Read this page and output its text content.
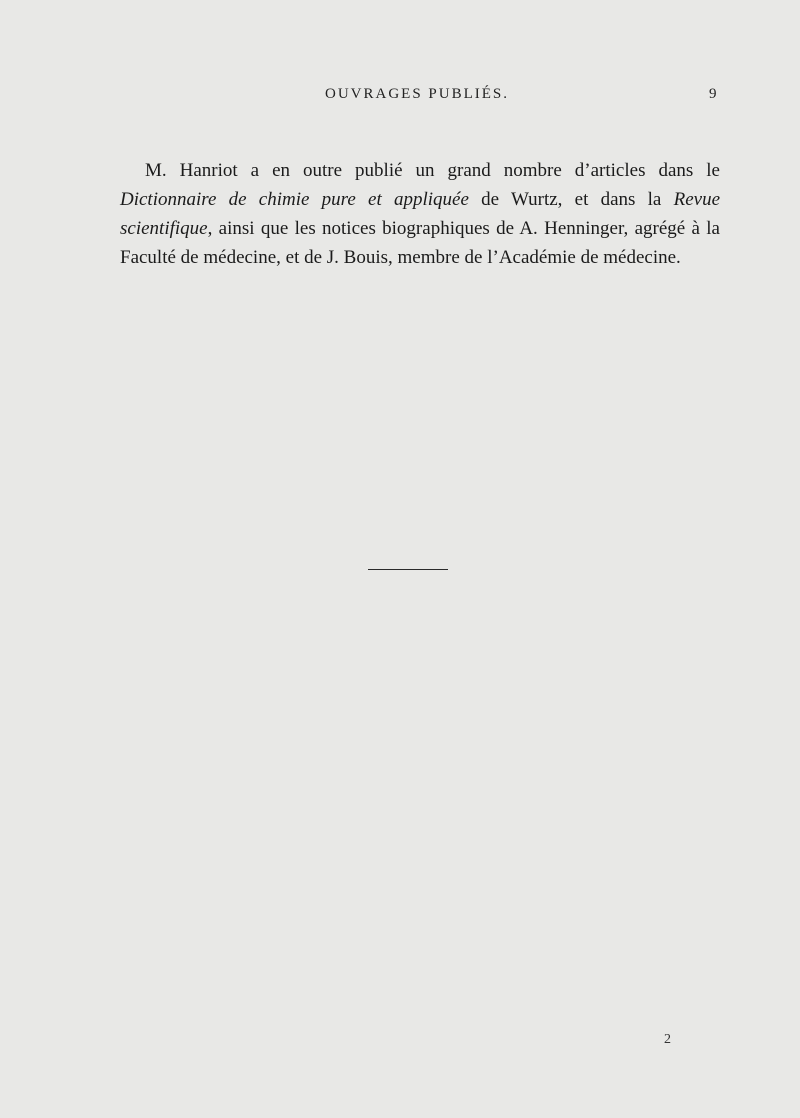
OUVRAGES PUBLIÉS.	9

M. Hanriot a en outre publié un grand nombre d’articles dans le Dictionnaire de chimie pure et appliquée de Wurtz, et dans la Revue scientifique, ainsi que les notices biographiques de A. Henninger, agrégé à la Faculté de médecine, et de J. Bouis, membre de l’Académie de médecine.

2
